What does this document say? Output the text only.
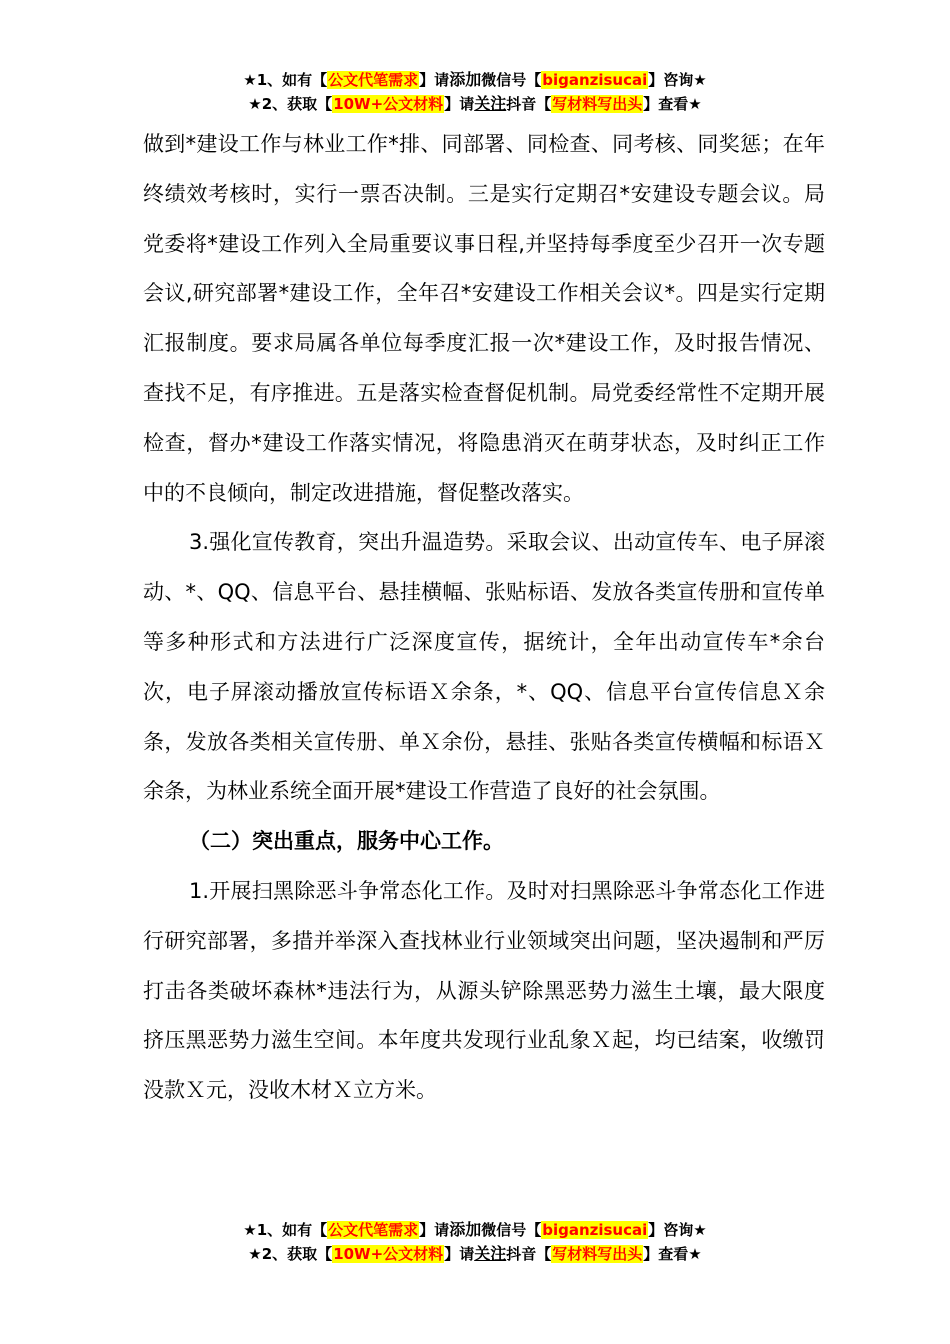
★1、如有【公文代笔需求】请添加微信号【biganzisucai】咨询★
★2、获取【10W+公文材料】请关注抖音【写材料写出头】查看★

做到*建设工作与林业工作*排、同部署、同检查、同考核、同奖惩；在年终绩效考核时，实行一票否决制。三是实行定期召*安建设专题会议。局党委将*建设工作列入全局重要议事日程,并坚持每季度至少召开一次专题会议,研究部署*建设工作，全年召*安建设工作相关会议*。四是实行定期汇报制度。要求局属各单位每季度汇报一次*建设工作，及时报告情况、查找不足，有序推进。五是落实检查督促机制。局党委经常性不定期开展检查，督办*建设工作落实情况，将隐患消灭在萌芽状态，及时纠正工作中的不良倾向，制定改进措施，督促整改落实。

3.强化宣传教育，突出升温造势。采取会议、出动宣传车、电子屏滚动、*、QQ、信息平台、悬挂横幅、张贴标语、发放各类宣传册和宣传单等多种形式和方法进行广泛深度宣传，据统计，全年出动宣传车*余台次，电子屏滚动播放宣传标语Ｘ余条，*、QQ、信息平台宣传信息Ｘ余条，发放各类相关宣传册、单Ｘ余份，悬挂、张贴各类宣传横幅和标语Ｘ余条，为林业系统全面开展*建设工作营造了良好的社会氛围。

（二）突出重点，服务中心工作。

1.开展扫黑除恶斗争常态化工作。及时对扫黑除恶斗争常态化工作进行研究部署，多措并举深入查找林业行业领域突出问题，坚决遏制和严厉打击各类破坏森林*违法行为，从源头铲除黑恶势力滋生土壤，最大限度挤压黑恶势力滋生空间。本年度共发现行业乱象Ｘ起，均已结案，收缴罚没款Ｘ元，没收木材Ｘ立方米。

★1、如有【公文代笔需求】请添加微信号【biganzisucai】咨询★
★2、获取【10W+公文材料】请关注抖音【写材料写出头】查看★
